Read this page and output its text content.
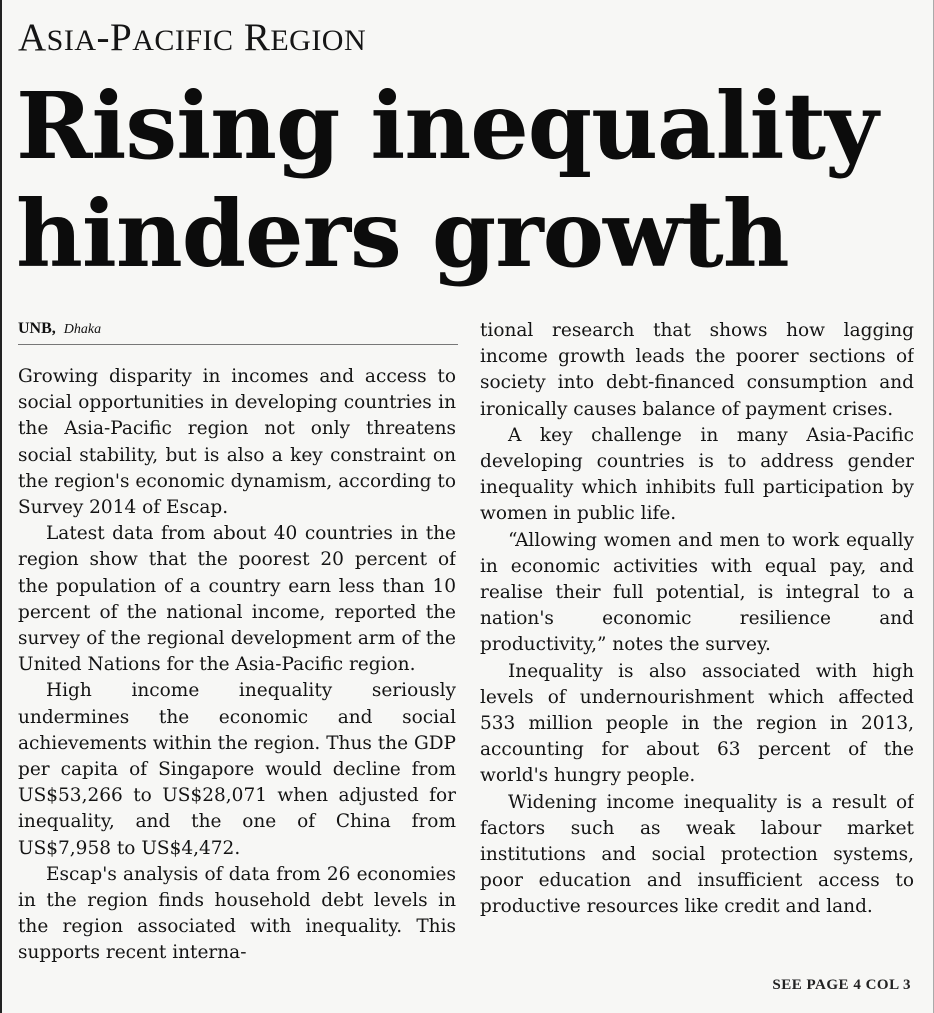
ASIA-PACIFIC REGION
Rising inequality
hinders growth
UNB, Dhaka

Growing disparity in incomes and access to social opportunities in developing countries in the Asia-Pacific region not only threatens social stability, but is also a key constraint on the region's economic dynamism, according to Survey 2014 of Escap.

Latest data from about 40 countries in the region show that the poorest 20 percent of the population of a country earn less than 10 percent of the national income, reported the survey of the regional development arm of the United Nations for the Asia-Pacific region.

High income inequality seriously undermines the economic and social achievements within the region. Thus the GDP per capita of Singapore would decline from US$53,266 to US$28,071 when adjusted for inequality, and the one of China from US$7,958 to US$4,472.

Escap's analysis of data from 26 economies in the region finds household debt levels in the region associated with inequality. This supports recent interna-

tional research that shows how lagging income growth leads the poorer sections of society into debt-financed consumption and ironically causes balance of payment crises.

A key challenge in many Asia-Pacific developing countries is to address gender inequality which inhibits full participation by women in public life.

“Allowing women and men to work equally in economic activities with equal pay, and realise their full potential, is integral to a nation's economic resilience and productivity,” notes the survey.

Inequality is also associated with high levels of undernourishment which affected 533 million people in the region in 2013, accounting for about 63 percent of the world's hungry people.

Widening income inequality is a result of factors such as weak labour market institutions and social protection systems, poor education and insufficient access to productive resources like credit and land.

SEE PAGE 4 COL 3
